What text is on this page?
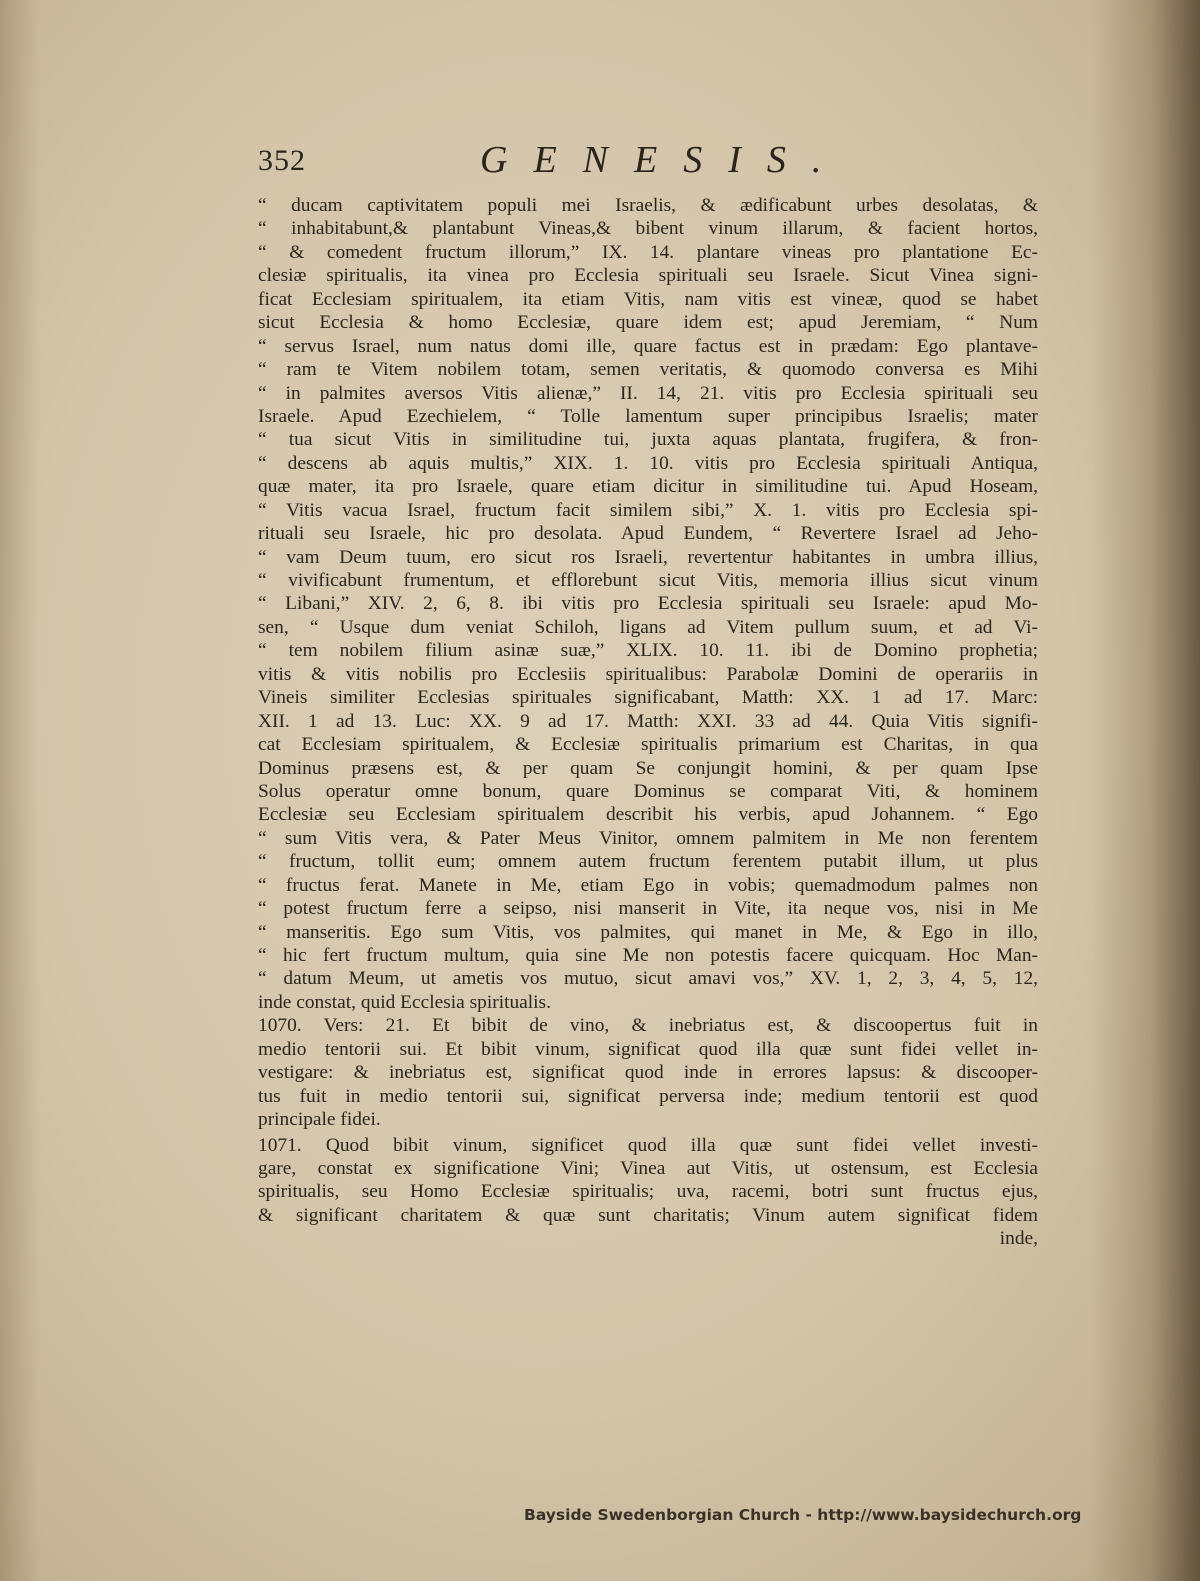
352	GENESIS.
“ ducam captivitatem populi mei Israelis, & ædificabunt urbes desolatas, &
“ inhabitabunt,& plantabunt Vineas,& bibent vinum illarum, & facient hortos,
“ & comedent fructum illorum,” IX. 14. plantare vineas pro plantatione Ec-
clesiæ spiritualis, ita vinea pro Ecclesia spirituali seu Israele. Sicut Vinea signi-
ficat Ecclesiam spiritualem, ita etiam Vitis, nam vitis est vineæ, quod se habet
sicut Ecclesia & homo Ecclesiæ, quare idem est; apud Jeremiam, “ Num
“ servus Israel, num natus domi ille, quare factus est in prædam: Ego plantave-
“ ram te Vitem nobilem totam, semen veritatis, & quomodo conversa es Mihi
“ in palmites aversos Vitis alienæ,” II. 14, 21. vitis pro Ecclesia spirituali seu
Israele. Apud Ezechielem, “ Tolle lamentum super principibus Israelis; mater
“ tua sicut Vitis in similitudine tui, juxta aquas plantata, frugifera, & fron-
“ descens ab aquis multis,” XIX. 1. 10. vitis pro Ecclesia spirituali Antiqua,
quæ mater, ita pro Israele, quare etiam dicitur in similitudine tui. Apud Hoseam,
“ Vitis vacua Israel, fructum facit similem sibi,” X. 1. vitis pro Ecclesia spi-
rituali seu Israele, hic pro desolata. Apud Eundem, “ Revertere Israel ad Jeho-
“ vam Deum tuum, ero sicut ros Israeli, revertentur habitantes in umbra illius,
“ vivificabunt frumentum, et efflorebunt sicut Vitis, memoria illius sicut vinum
“ Libani,” XIV. 2, 6, 8. ibi vitis pro Ecclesia spirituali seu Israele: apud Mo-
sen, “ Usque dum veniat Schiloh, ligans ad Vitem pullum suum, et ad Vi-
“ tem nobilem filium asinæ suæ,” XLIX. 10. 11. ibi de Domino prophetia;
vitis & vitis nobilis pro Ecclesiis spiritualibus: Parabolæ Domini de operariis in
Vineis similiter Ecclesias spirituales significabant, Matth: XX. 1 ad 17. Marc:
XII. 1 ad 13. Luc: XX. 9 ad 17. Matth: XXI. 33 ad 44. Quia Vitis signifi-
cat Ecclesiam spiritualem, & Ecclesiæ spiritualis primarium est Charitas, in qua
Dominus præsens est, & per quam Se conjungit homini, & per quam Ipse
Solus operatur omne bonum, quare Dominus se comparat Viti, & hominem
Ecclesiæ seu Ecclesiam spiritualem describit his verbis, apud Johannem. “ Ego
“ sum Vitis vera, & Pater Meus Vinitor, omnem palmitem in Me non ferentem
“ fructum, tollit eum; omnem autem fructum ferentem putabit illum, ut plus
“ fructus ferat. Manete in Me, etiam Ego in vobis; quemadmodum palmes non
“ potest fructum ferre a seipso, nisi manserit in Vite, ita neque vos, nisi in Me
“ manseritis. Ego sum Vitis, vos palmites, qui manet in Me, & Ego in illo,
“ hic fert fructum multum, quia sine Me non potestis facere quicquam. Hoc Man-
“ datum Meum, ut ametis vos mutuo, sicut amavi vos,” XV. 1, 2, 3, 4, 5, 12,
inde constat, quid Ecclesia spiritualis.
1070. Vers: 21. Et bibit de vino, & inebriatus est, & discoopertus fuit in
medio tentorii sui. Et bibit vinum, significat quod illa quæ sunt fidei vellet in-
vestigare: & inebriatus est, significat quod inde in errores lapsus: & discooper-
tus fuit in medio tentorii sui, significat perversa inde; medium tentorii est quod
principale fidei.
1071. Quod bibit vinum, significet quod illa quæ sunt fidei vellet investi-
gare, constat ex significatione Vini; Vinea aut Vitis, ut ostensum, est Ecclesia
spiritualis, seu Homo Ecclesiæ spiritualis; uva, racemi, botri sunt fructus ejus,
& significant charitatem & quæ sunt charitatis; Vinum autem significat fidem
inde,
Bayside Swedenborgian Church - http://www.baysidechurch.org
